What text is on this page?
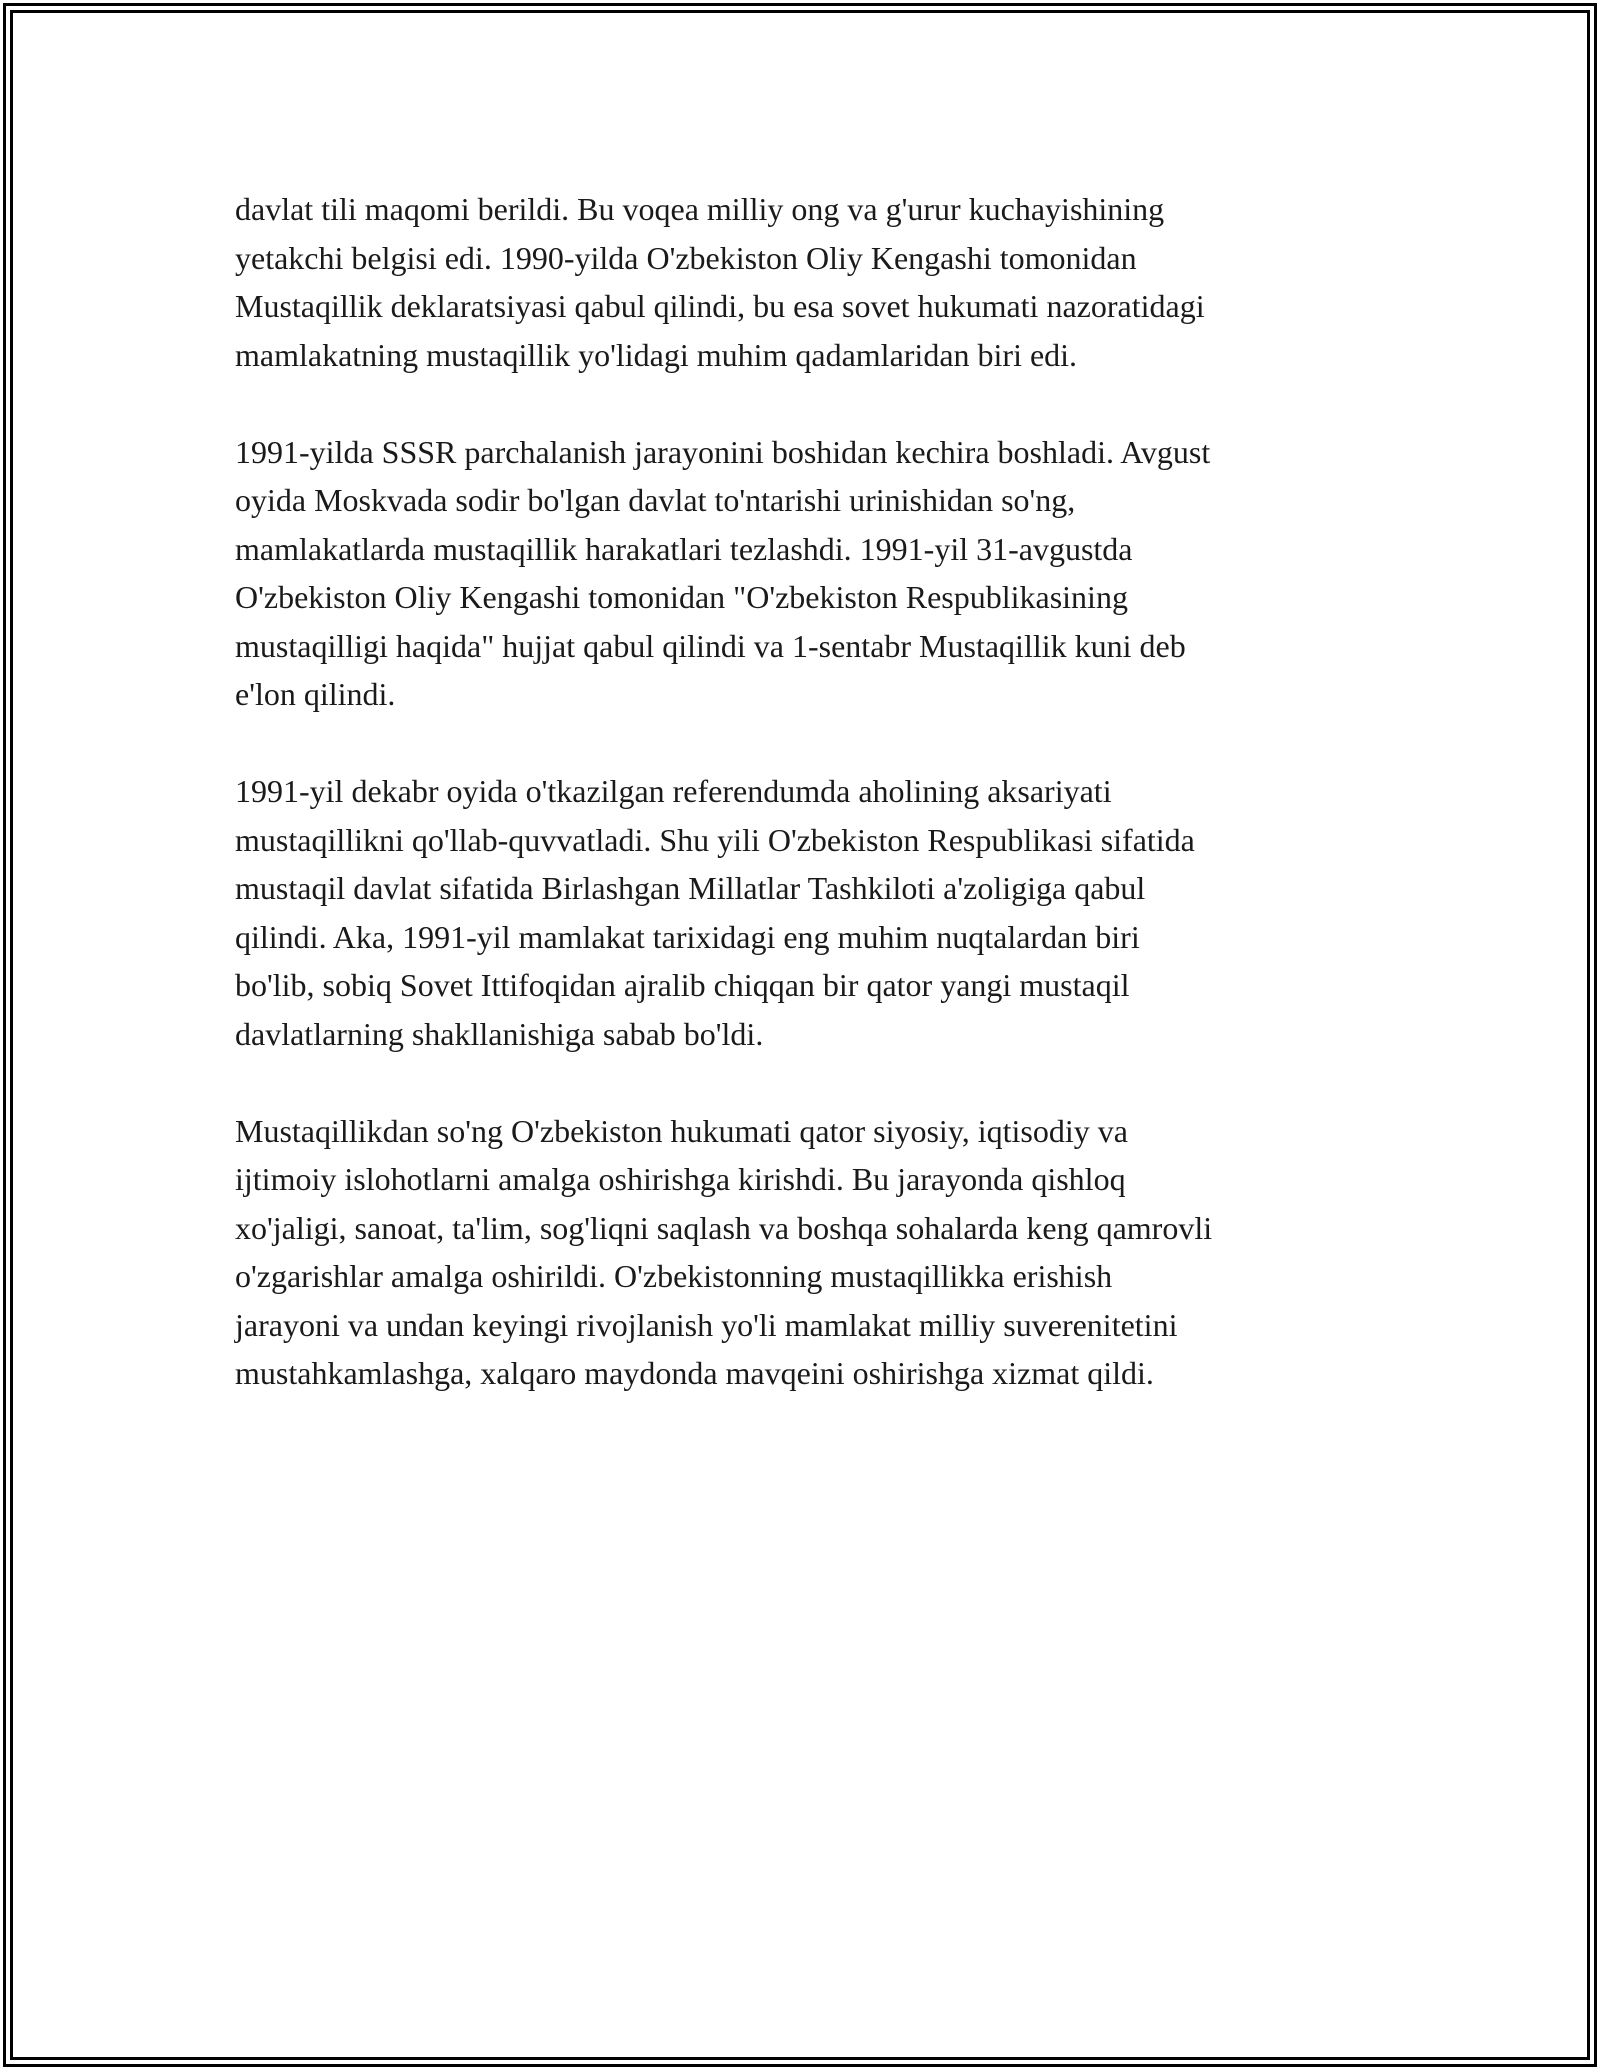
davlat tili maqomi berildi. Bu voqea milliy ong va g'urur kuchayishining
yetakchi belgisi edi. 1990-yilda O'zbekiston Oliy Kengashi tomonidan
Mustaqillik deklaratsiyasi qabul qilindi, bu esa sovet hukumati nazoratidagi
mamlakatning mustaqillik yo'lidagi muhim qadamlaridan biri edi.

1991-yilda SSSR parchalanish jarayonini boshidan kechira boshladi. Avgust
oyida Moskvada sodir bo'lgan davlat to'ntarishi urinishidan so'ng,
mamlakatlarda mustaqillik harakatlari tezlashdi. 1991-yil 31-avgustda
O'zbekiston Oliy Kengashi tomonidan "O'zbekiston Respublikasining
mustaqilligi haqida" hujjat qabul qilindi va 1-sentabr Mustaqillik kuni deb
e'lon qilindi.

1991-yil dekabr oyida o'tkazilgan referendumda aholining aksariyati
mustaqillikni qo'llab-quvvatladi. Shu yili O'zbekiston Respublikasi sifatida
mustaqil davlat sifatida Birlashgan Millatlar Tashkiloti a'zoligiga qabul
qilindi. Aka, 1991-yil mamlakat tarixidagi eng muhim nuqtalardan biri
bo'lib, sobiq Sovet Ittifoqidan ajralib chiqqan bir qator yangi mustaqil
davlatlarning shakllanishiga sabab bo'ldi.

Mustaqillikdan so'ng O'zbekiston hukumati qator siyosiy, iqtisodiy va
ijtimoiy islohotlarni amalga oshirishga kirishdi. Bu jarayonda qishloq
xo'jaligi, sanoat, ta'lim, sog'liqni saqlash va boshqa sohalarda keng qamrovli
o'zgarishlar amalga oshirildi. O'zbekistonning mustaqillikka erishish
jarayoni va undan keyingi rivojlanish yo'li mamlakat milliy suverenitetini
mustahkamlashga, xalqaro maydonda mavqeini oshirishga xizmat qildi.
